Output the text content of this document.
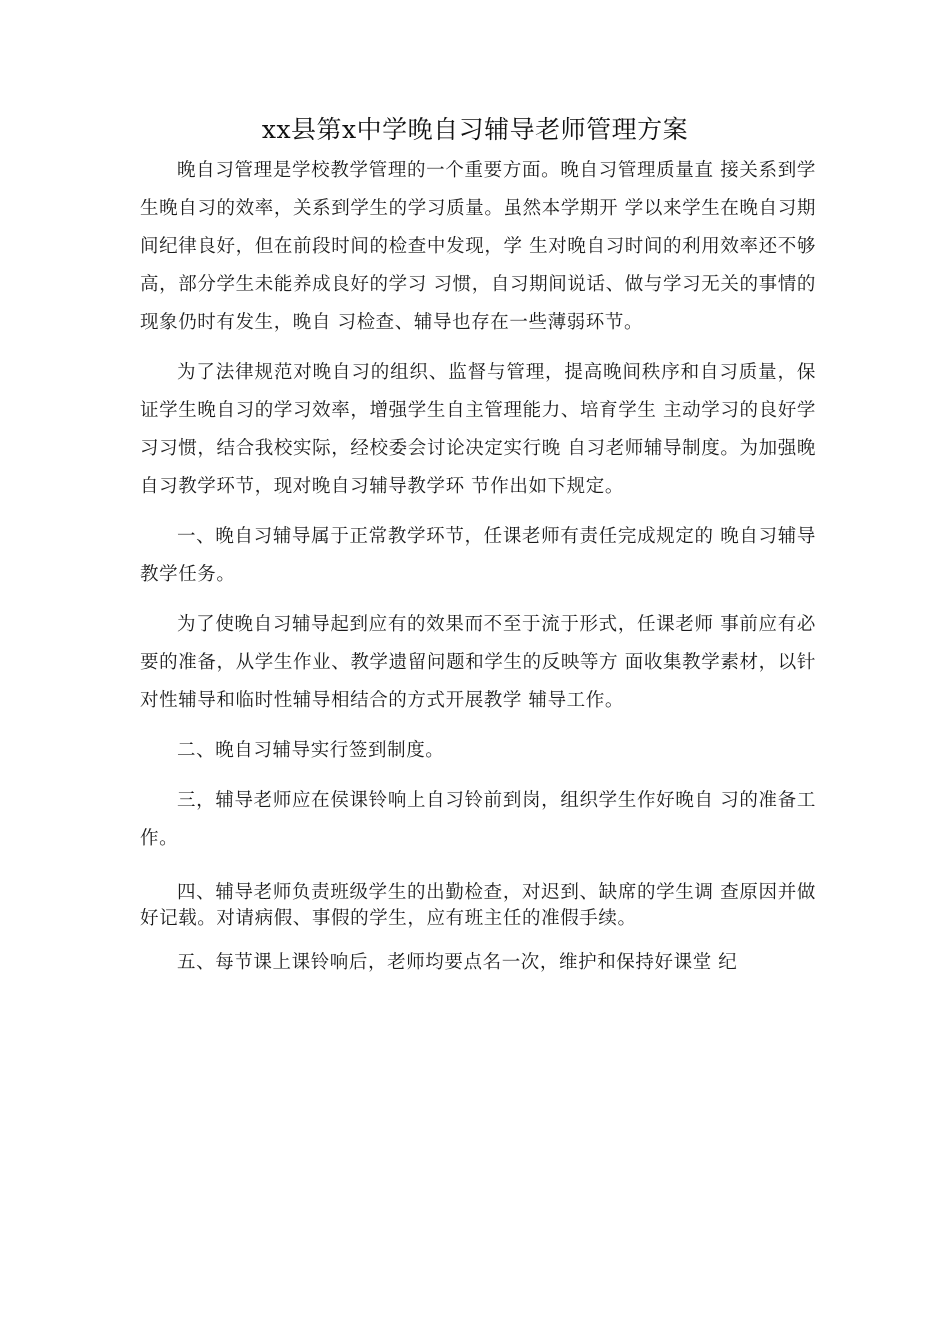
xx县第x中学晚自习辅导老师管理方案

晚自习管理是学校教学管理的一个重要方面。晚自习管理质量直 接关系到学生晚自习的效率，关系到学生的学习质量。虽然本学期开 学以来学生在晚自习期间纪律良好，但在前段时间的检查中发现，学 生对晚自习时间的利用效率还不够高，部分学生未能养成良好的学习 习惯，自习期间说话、做与学习无关的事情的现象仍时有发生，晚自 习检查、辅导也存在一些薄弱环节。

为了法律规范对晚自习的组织、监督与管理，提高晚间秩序和自习质量，保证学生晚自习的学习效率，增强学生自主管理能力、培育学生 主动学习的良好学习习惯，结合我校实际，经校委会讨论决定实行晚 自习老师辅导制度。为加强晚自习教学环节，现对晚自习辅导教学环 节作出如下规定。

一、晚自习辅导属于正常教学环节，任课老师有责任完成规定的 晚自习辅导教学任务。

为了使晚自习辅导起到应有的效果而不至于流于形式，任课老师 事前应有必要的准备，从学生作业、教学遗留问题和学生的反映等方 面收集教学素材，以针对性辅导和临时性辅导相结合的方式开展教学 辅导工作。

二、晚自习辅导实行签到制度。

三，辅导老师应在侯课铃响上自习铃前到岗，组织学生作好晚自 习的准备工作。

四、辅导老师负责班级学生的出勤检查，对迟到、缺席的学生调 查原因并做好记载。对请病假、事假的学生，应有班主任的准假手续。

五、每节课上课铃响后，老师均要点名一次，维护和保持好课堂 纪
